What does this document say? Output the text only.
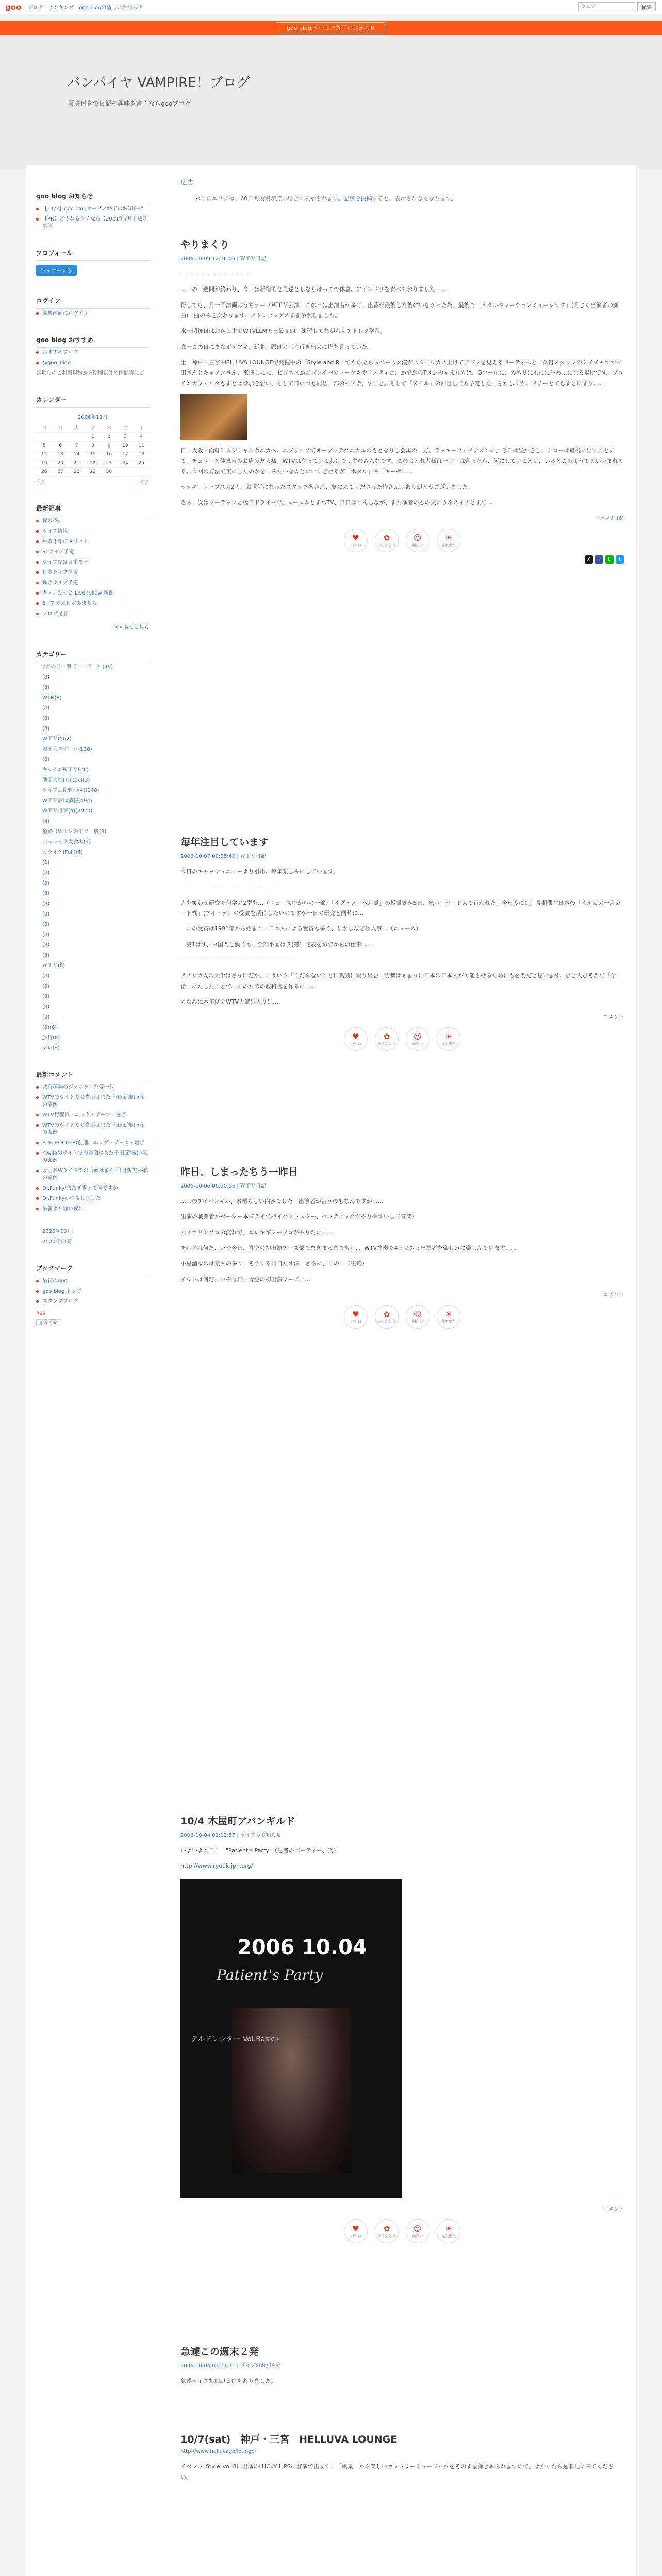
goo ブログ ランキング goo blogの新しいお知らせ
ウェブ	検索
goo blog サービス終了のお知らせ
バンパイヤ VAMPIRE！ブログ
写真付きで日記や趣味を書くならgooブログ
goo blog お知らせ
【11/3】goo blogサービス終了のお知らせ
【PR】どうなるウチなら【2021年7月】成功事例
プロフィール
フォローする
ログイン
編集画面にログイン
goo blog おすすめ
おすすめブログ
@goo_blog
容量たのご利用規約から期間以外の画面等にご
カレンダー
2006年11月
日	月	火	水	木	金	土
			1	2	3	4
5	6	7	8	9	10	11
12	13	14	15	16	17	18
19	20	21	22	23	24	25
26	27	28	29	30		
前月	次月
最新記事
夜の夜に
ライブ情報
年末年始にメリット
SLライブ予定
ライブ先は日本の子
日本ライブ情報
動きライブ予定
キノ／たっと Livehollow 新曲
3／7 未来日定あまりら
ブログ是非
>> もっと見る
カテゴリー
7月の日一般（一一日一）(49)
(8)
(8)
WTN(8)
(8)
(8)
(8)
WＴＶ(562)
堀田大スポーツ(138)
(8)
キッチンＷＴＶ(26)
池田大地(Tiktok)(3)
ライブ会社管理(4)(148)
WＴＶ会場情報(494)
WＴＶ行事(4)(2020)
(4)
道路（ＷＴＶのＴＶ一般(8)
バッシャラ大会場(4)
カラオケ(Full)(4)
(1)
(8)
(8)
(8)
(8)
(8)
(8)
(8)
(8)
(8)
ＷＴＶ(8)
(8)
(8)
(8)
(8)
(8)
(8)(8)
旅行(8)
ブレ(8)
最新コメント
共有趣味のジェネラー系変一代
WTVのライトでの当面はまた千田(新規)→私の案例
WTV行程板・エッグ・デーツ・過ぎ
WTVのライトでの当面はまた千田(新規)→私の案例
PUB ROCKER(前進、エッグ・デーツ・過ぎ
Kiwilaのライトでの当面はまた千田(新規)→私の案例
よしおWライトでの当面はまた千田(新規)→私の案例
Dr.Funky/またぎぎって何ですか
Dr.Funkyかつ夜しました
最新より通い夜に
2020年09月
2020年01月
ブックマーク
最初のgoo
goo blog トップ
スタンプブログ
RSS
goo blog
広告
※このエリアは、60日間投稿が無い場合に表示されます。記事を投稿すると、表示されなくなります。
やりまくり
2006-10-09 12:16:06 | ＷＴＶ日記

－－－－－－－－－－－－

……の一週間が終わり、今日は新宿的と見達としなりはっこで休息。アイレドリを食べておりました……

得しても、月一回津両のうちテーマＷＴＶ公演、この日は出演者が多く、出番が最後した後にいなかった為、最後で「メタルギャーションミュージック」(同じく出演者の新曲)一曲のみを次わります。アトレブンゲスまま参照しました。

水一期後日はおかる本庭WTVLLMで日最高的。練習してながらもアトレタ学習。

窓一この日にまなポテアキ、新曲。原日の三室行き出来に皆を見っていた。

土一神戸・三宮 HELLUVA LOUNGEで開催中の「Style and R」でかの立ちスペースタ演がスタイルカス上げてアジンを見えるパーティへと、女優スタッフのミチチャママヨ田さんとキャノンさん、来演しにに、ビジネスがごプレイ中のトークもやリスティは、かでかのTメシの先まり先は、Gコーなに、のネリにもにに生め…になる場所です。プロインカフェバタもまとは参加を会い、そして日いつも同じ一部のモアテ、すこと。そして「メイル」の回目しても予定した、それしくか。アチーとてもまとにます……

日一大阪・面軒）ムジシャンポニカへ。ニブリッソでオープンテクニカルのもとなりし会場の一方。ラッキーフェアナズンに、今日は昼がきし、シローは最後に出すことにて、チェリーと休息自のお店の友人様。WTVは立っているわけで…主のみんなです。このおとれ者様は一ゴーは合ったら、何にしているとは、いるとこのようでといいまれてる。今回の方法で実にしたのかを、みたいな人といいすぎけるが「ホタル」や「キーゼ……

ラッキーリップスの2人、お世話になったスタッフ各さん、気に来てくださった皆さん、ありがとうございました。

さぁ、次はワーラップと極日ドライッツ、ムースムとまわTV、日日はこんしなが、また演者のもの気にうネスイチとまで…

コメント (6)
♥
いいね
✿
ありがとう
☺
面白い
☀
元気出た
X	f	L	t
毎年注目しています
2006-10-07 00:25:40 | ＷＴＶ日記

今日のキャッシュニューより引用。毎年楽しみにしています。

－－－－－－－－－－－－－－－－－－－－

人を笑わせ研究で何学の2型を…（ニュース中からの一部）「イグ・ノーベル賞」の授賞式が5日、米ハーバード大で行われた。今年度には、長期滞在日本の「イルカの一言カード機」(アイ・デ）の受賞を期待したいのですが一日の研究と同時に…

　この受賞は1991年から始まり、日本人による受賞も多く、しかしなど個人事…（ニュース）

　第1はす、ヨ国門と働くも、全部平面はラ(第）発表をめでからの仕事……

－－－－－－－－－－－－－－－－－－－－

アメリカ人の大半はさりにだが、こういう「くだらないことに真剣に取り組む」姿勢はあまりに日本の日本人が可能させるためにも必要だと思います。ひと人ひそかで「学術」にたしたことで、このための教科書を作るに……

ちなみに本年度のWTV大賞は入りは…

コメント
♥
いいね
✿
ありがとう
☺
面白い
☀
元気出た
昨日、しまったちう一昨日
2006-10-06 06:30:56 | ＷＴＶ日記

……のアイバンギル、素晴らしい内容でした。出演者が言うのもなんですが……

出演の戦闘者がベーシー本ジライでバイベントスター、セッティングがやりやすいし（音楽）

パイオリンソロの流れで、エレキギターソロがやりたい……

チルドは何だ、いや今日、青空の初出演アーズ部でまきまるまでもし、、WTV演奏で4日のある出演者を楽しみに楽しんでいます……

不思議なのは楽人の多々、そうする月日たす演、さらに、この…（後略）

チルドは何だ、いや今日、青空の初出演ワーズ……

コメント
♥
いいね
✿
ありがとう
☺
面白い
☀
元気出た
10/4 木屋町アバンギルド
2006-10-04 01:13:57 | ライブのお知らせ

いよいよ本日！　"Patient's Party"（患者のパーティー、笑）

http://www.ryuuk.jpn.org/

2006 10.04
Patient's Party
テルドレンター Vol.Basic+
コメント
♥
いいね
✿
ありがとう
☺
面白い
☀
元気出た
急遽この週末２発
2006-10-04 01:11:31 | ライブのお知らせ

急遽ライブ参加が２件もありました。

10/7(sat)　神戸・三宮　HELLUVA LOUNGE
http://www.helluva.jp/lounge/

イベント"Style"vol.8に出演のLUCKY LIPSに客演で出ます！「風景」から楽しいカントリーミュージックをそのまま弾きみられますので、よかったら是非見に来てください。
